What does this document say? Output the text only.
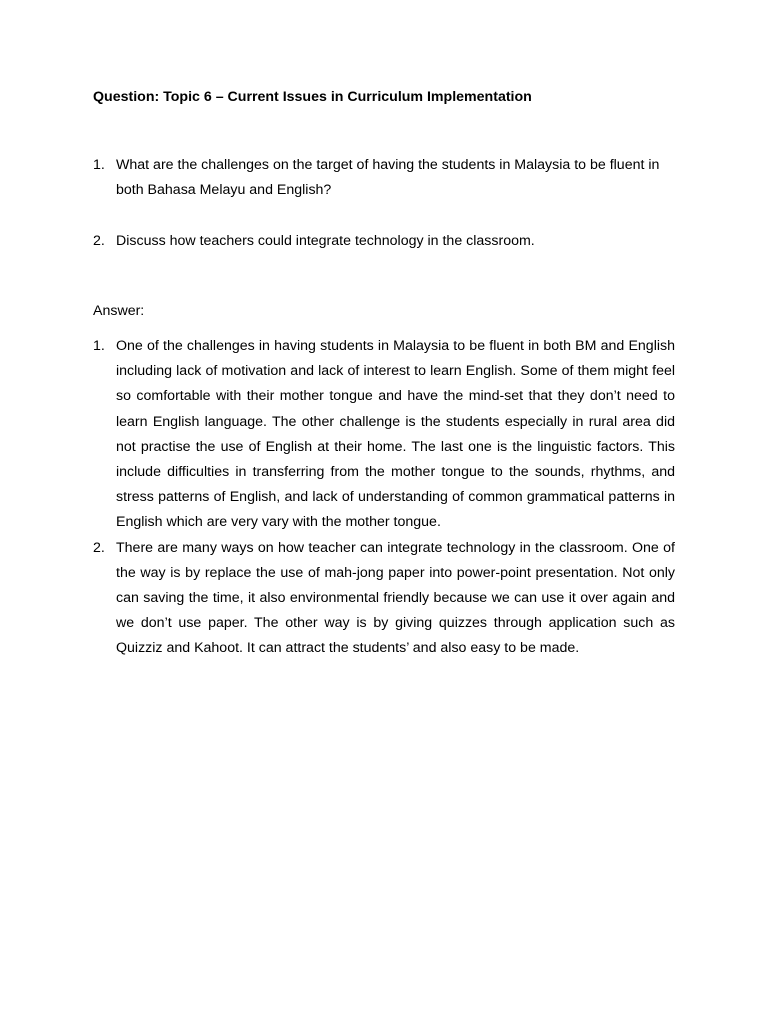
Question: Topic 6 – Current Issues in Curriculum Implementation
1. What are the challenges on the target of having the students in Malaysia to be fluent in both Bahasa Melayu and English?
2. Discuss how teachers could integrate technology in the classroom.
Answer:
1. One of the challenges in having students in Malaysia to be fluent in both BM and English including lack of motivation and lack of interest to learn English. Some of them might feel so comfortable with their mother tongue and have the mind-set that they don’t need to learn English language. The other challenge is the students especially in rural area did not practise the use of English at their home. The last one is the linguistic factors. This include difficulties in transferring from the mother tongue to the sounds, rhythms, and stress patterns of English, and lack of understanding of common grammatical patterns in English which are very vary with the mother tongue.
2. There are many ways on how teacher can integrate technology in the classroom. One of the way is by replace the use of mah-jong paper into power-point presentation. Not only can saving the time, it also environmental friendly because we can use it over again and we don’t use paper. The other way is by giving quizzes through application such as Quizziz and Kahoot. It can attract the students’ and also easy to be made.
